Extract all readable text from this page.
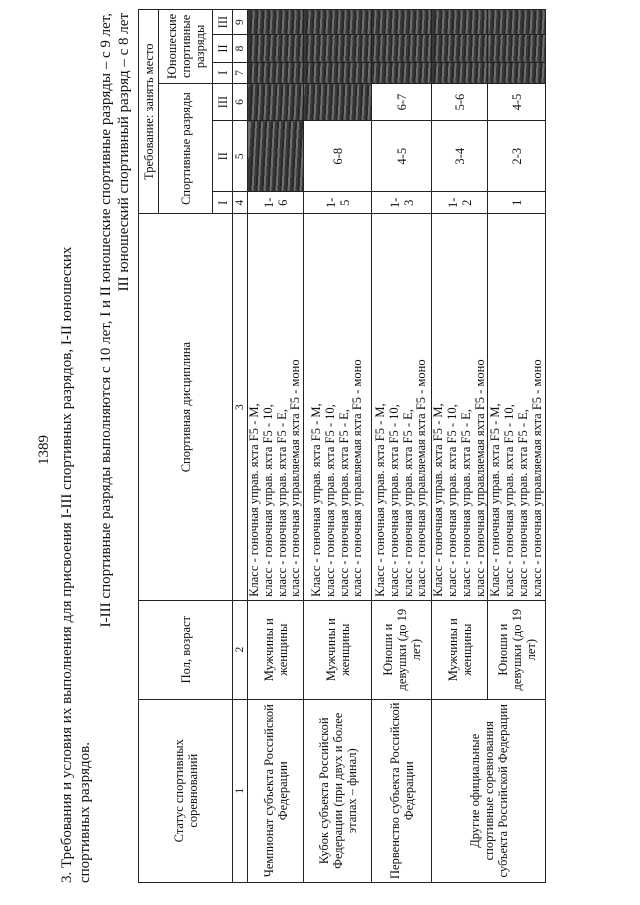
1389 3. Требования и условия их выполнения для присвоения I-III спортивных разрядов, I-II юношеских спортивных разрядов.
I-III спортивные разряды выполняются с 10 лет, I и II юношеские спортивные разряды – с 9 лет, III юношеский спортивный разряд – с 8 лет
Статус спортивных соревнований	Пол, возраст	Спортивная дисциплина	Требование: занять место					
			Спортивные разряды			Юношеские спортивные разряды		
			I	II	III	I	II	III
1	2	3	4	5	6	7	8	9
Чемпионат субъекта Российской Федерации	Мужчины и женщины	Класс - гоночная управ. яхта F5 - М, класс - гоночная управ. яхта F5 - 10, класс - гоночная управ. яхта F5 - Е, класс - гоночная управляемая яхта F5 - моно	1-6					
Кубок субъекта Российской Федерации (при двух и более этапах – финал)	Мужчины и женщины	Класс - гоночная управ. яхта F5 - М, класс - гоночная управ. яхта F5 - 10, класс - гоночная управ. яхта F5 - Е, класс - гоночная управляемая яхта F5 - моно	1-5	6-8				
Первенство субъекта Российской Федерации	Юноши и девушки (до 19 лет)	Класс - гоночная управ. яхта F5 - М, класс - гоночная управ. яхта F5 - 10, класс - гоночная управ. яхта F5 - Е, класс - гоночная управляемая яхта F5 - моно	1-3	4-5	6-7			
Другие официальные спортивные соревнования субъекта Российской Федерации	Мужчины и женщины	Класс - гоночная управ. яхта F5 - М, класс - гоночная управ. яхта F5 - 10, класс - гоночная управ. яхта F5 - Е, класс - гоночная управляемая яхта F5 - моно	1-2	3-4	5-6			
	Юноши и девушки (до 19 лет)	Класс - гоночная управ. яхта F5 - М, класс - гоночная управ. яхта F5 - 10, класс - гоночная управ. яхта F5 - Е, класс - гоночная управляемая яхта F5 - моно	1	2-3	4-5			
